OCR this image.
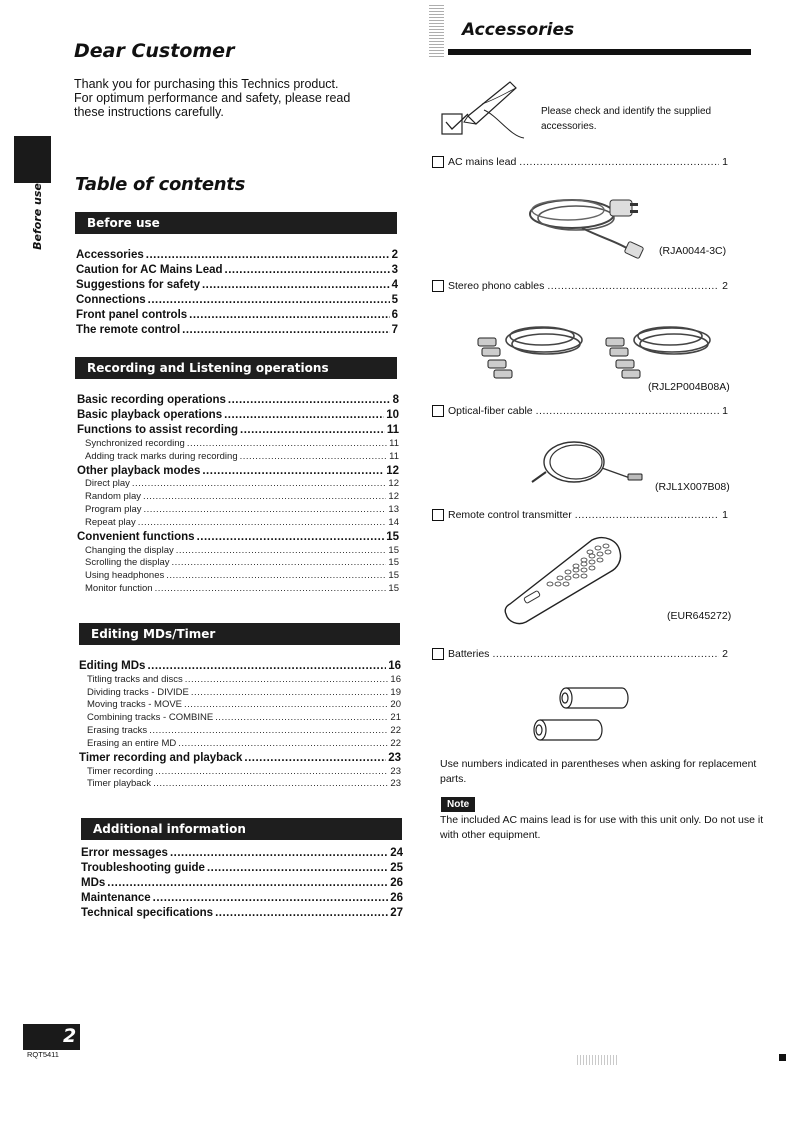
Dear Customer
Thank you for purchasing this Technics product.
For optimum performance and safety, please read
these instructions carefully.
Before use Table of contents
Before use
Accessories .....	2
Caution for AC Mains Lead .....	3
Suggestions for safety .....	4
Connections .....	5
Front panel controls .....	6
The remote control .....	7
Recording and Listening operations
Basic recording operations .....	8
Basic playback operations .....	10
Functions to assist recording .....	11
Synchronized recording .....	11
Adding track marks during recording .....	11
Other playback modes .....	12
Direct play .....	12
Random play .....	12
Program play .....	13
Repeat play .....	14
Convenient functions .....	15
Changing the display .....	15
Scrolling the display .....	15
Using headphones .....	15
Monitor function .....	15
Editing MDs/Timer
Editing MDs .....	16
Titling tracks and discs .....	16
Dividing tracks - DIVIDE .....	19
Moving tracks - MOVE .....	20
Combining tracks - COMBINE .....	21
Erasing tracks .....	22
Erasing an entire MD .....	22
Timer recording and playback .....	23
Timer recording .....	23
Timer playback .....	23
Additional information
Error messages .....	24
Troubleshooting guide .....	25
MDs .....	26
Maintenance .....	26
Technical specifications .....	27
Accessories
Please check and identify the supplied
accessories.
AC mains lead .....	1
(RJA0044-3C)
Stereo phono cables .....	2
(RJL2P004B08A)
Optical-fiber cable .....	1
(RJL1X007B08)
Remote control transmitter .....	1
(EUR645272)
Batteries .....	2
Use numbers indicated in parentheses when asking for replacement parts.
Note
The included AC mains lead is for use with this unit only. Do not use it with other equipment.
2
RQT5411
